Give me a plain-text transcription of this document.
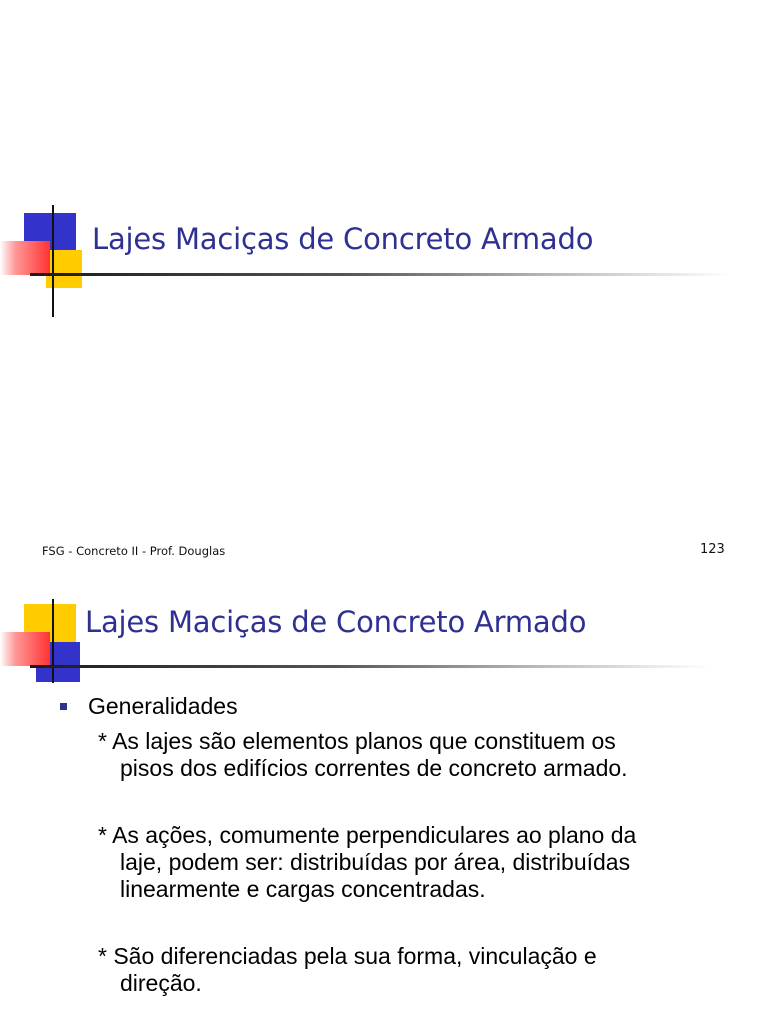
Lajes Maciças de Concreto Armado
FSG - Concreto II - Prof. Douglas	123
Lajes Maciças de Concreto Armado
Generalidades
* As lajes são elementos planos que constituem os
pisos dos edifícios correntes de concreto armado.
* As ações, comumente perpendiculares ao plano da
laje, podem ser: distribuídas por área, distribuídas
linearmente e cargas concentradas.
* São diferenciadas pela sua forma, vinculação e
direção.
